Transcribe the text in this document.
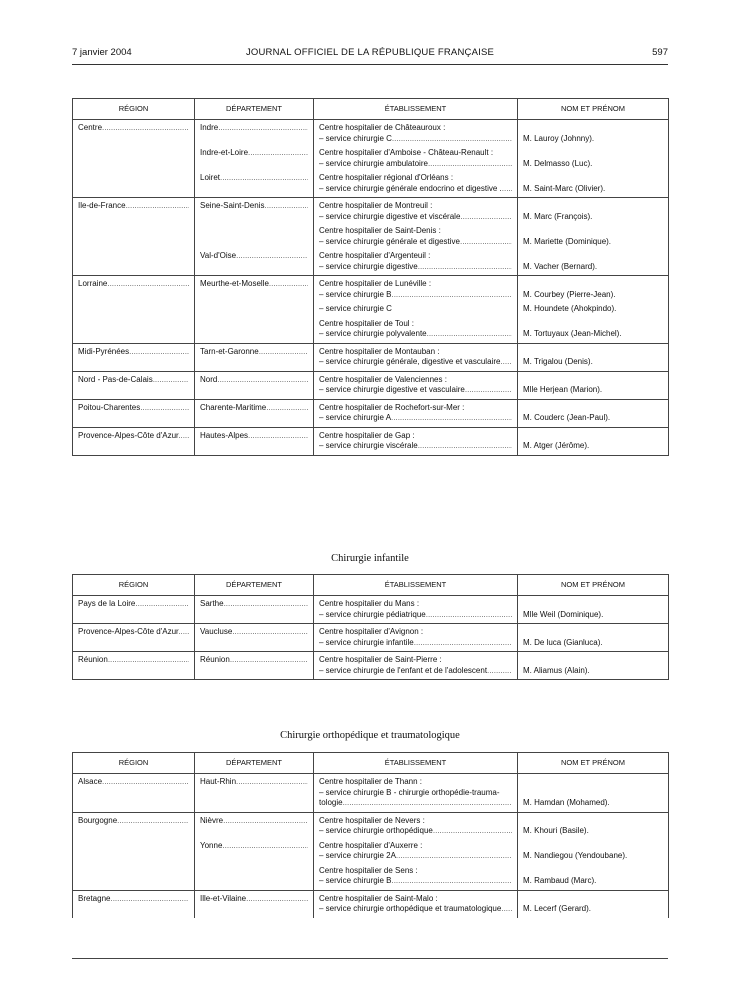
7 janvier 2004	JOURNAL OFFICIEL DE LA RÉPUBLIQUE FRANÇAISE	597
RÉGION	DÉPARTEMENT	ÉTABLISSEMENT	NOM ET PRÉNOM

Centre .....	Indre .....	Centre hospitalier de Châteauroux :
– service chirurgie C .....	M. Lauroy (Johnny).

	Indre-et-Loire .....	Centre hospitalier d'Amboise - Château-Renault :
– service chirurgie ambulatoire .....	M. Delmasso (Luc).

	Loiret .....	Centre hospitalier régional d'Orléans :
– service chirurgie générale endocrino et digestive . .....	M. Saint-Marc (Olivier).

Ile-de-France .....	Seine-Saint-Denis .....	Centre hospitalier de Montreuil :
– service chirurgie digestive et viscérale .....	M. Marc (François).

		Centre hospitalier de Saint-Denis :
– service chirurgie générale et digestive .....	M. Mariette (Dominique).

	Val-d'Oise .....	Centre hospitalier d'Argenteuil :
– service chirurgie digestive .....	M. Vacher (Bernard).

Lorraine .....	Meurthe-et-Moselle .....	Centre hospitalier de Lunéville :
– service chirurgie B .....	M. Courbey (Pierre-Jean).

		– service chirurgie C	M. Houndete (Ahokpindo).

		Centre hospitalier de Toul :
– service chirurgie polyvalente .....	M. Tortuyaux (Jean-Michel).

Midi-Pyrénées .....	Tarn-et-Garonne .....	Centre hospitalier de Montauban :
– service chirurgie générale, digestive et vasculaire .....	M. Trigalou (Denis).

Nord - Pas-de-Calais .....	Nord .....	Centre hospitalier de Valenciennes :
– service chirurgie digestive et vasculaire .....	Mlle Herjean (Marion).

Poitou-Charentes .....	Charente-Maritime .....	Centre hospitalier de Rochefort-sur-Mer :
– service chirurgie A .....	M. Couderc (Jean-Paul).

Provence-Alpes-Côte d'Azur .....	Hautes-Alpes .....	Centre hospitalier de Gap :
– service chirurgie viscérale .....	M. Atger (Jérôme).
Chirurgie infantile
RÉGION	DÉPARTEMENT	ÉTABLISSEMENT	NOM ET PRÉNOM

Pays de la Loire .....	Sarthe .....	Centre hospitalier du Mans :
– service chirurgie pédiatrique .....	Mlle Weil (Dominique).

Provence-Alpes-Côte d'Azur .....	Vaucluse .....	Centre hospitalier d'Avignon :
– service chirurgie infantile .....	M. De luca (Gianluca).

Réunion .....	Réunion .....	Centre hospitalier de Saint-Pierre :
– service chirurgie de l'enfant et de l'adolescent .....	M. Aliamus (Alain).
Chirurgie orthopédique et traumatologique
RÉGION	DÉPARTEMENT	ÉTABLISSEMENT	NOM ET PRÉNOM

Alsace .....	Haut-Rhin .....	Centre hospitalier de Thann :
– service chirurgie B - chirurgie orthopédie-trauma-
tologie .....	M. Hamdan (Mohamed).

Bourgogne .....	Nièvre .....	Centre hospitalier de Nevers :
– service chirurgie orthopédique .....	M. Khouri (Basile).

	Yonne .....	Centre hospitalier d'Auxerre :
– service chirurgie 2A .....	M. Nandiegou (Yendoubane).

		Centre hospitalier de Sens :
– service chirurgie B .....	M. Rambaud (Marc).

Bretagne .....	Ille-et-Vilaine .....	Centre hospitalier de Saint-Malo :
– service chirurgie orthopédique et traumatologique .....	M. Lecerf (Gerard).
